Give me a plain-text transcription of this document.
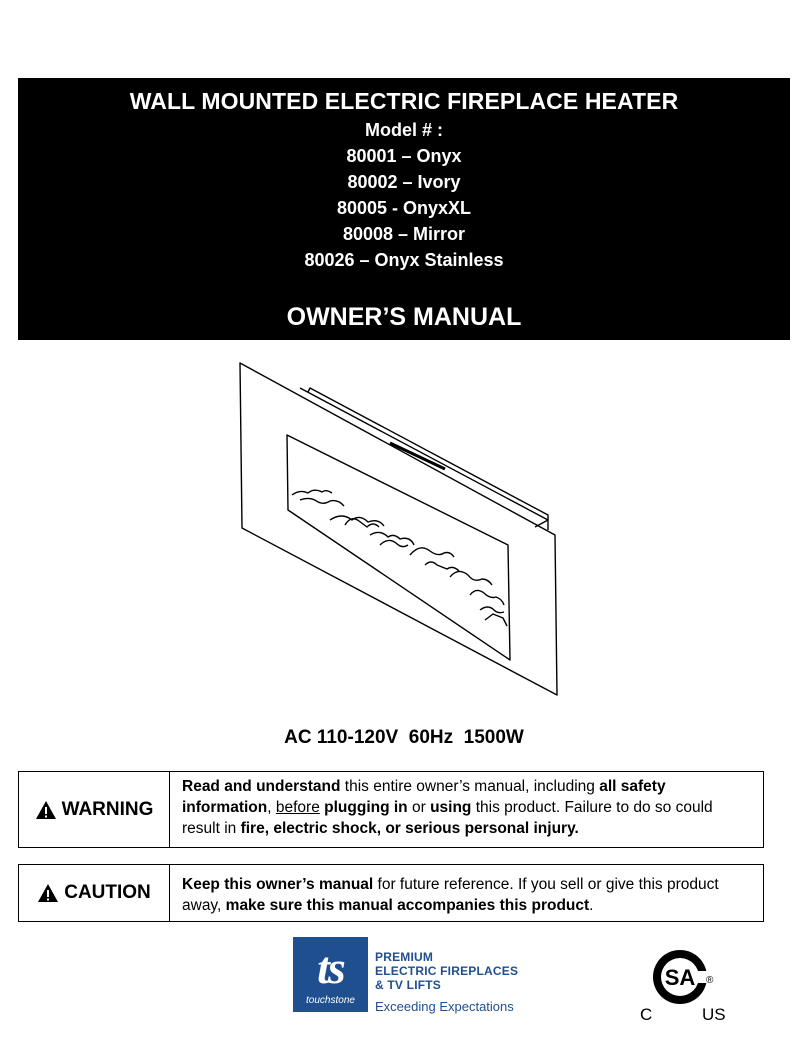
WALL MOUNTED ELECTRIC FIREPLACE HEATER
Model # :
80001 – Onyx
80002 – Ivory
80005 - OnyxXL
80008 – Mirror
80026 – Onyx Stainless
OWNER’S MANUAL
AC 110-120V  60Hz  1500W
WARNING
Read and understand this entire owner’s manual, including all safety information, before plugging in or using this product. Failure to do so could result in fire, electric shock, or serious personal injury.
CAUTION	Keep this owner’s manual for future reference. If you sell or give this product away, make sure this manual accompanies this product.
ts
touchstone
PREMIUM
ELECTRIC FIREPLACES
& TV LIFTS
Exceeding Expectations
SA ®
C	US
